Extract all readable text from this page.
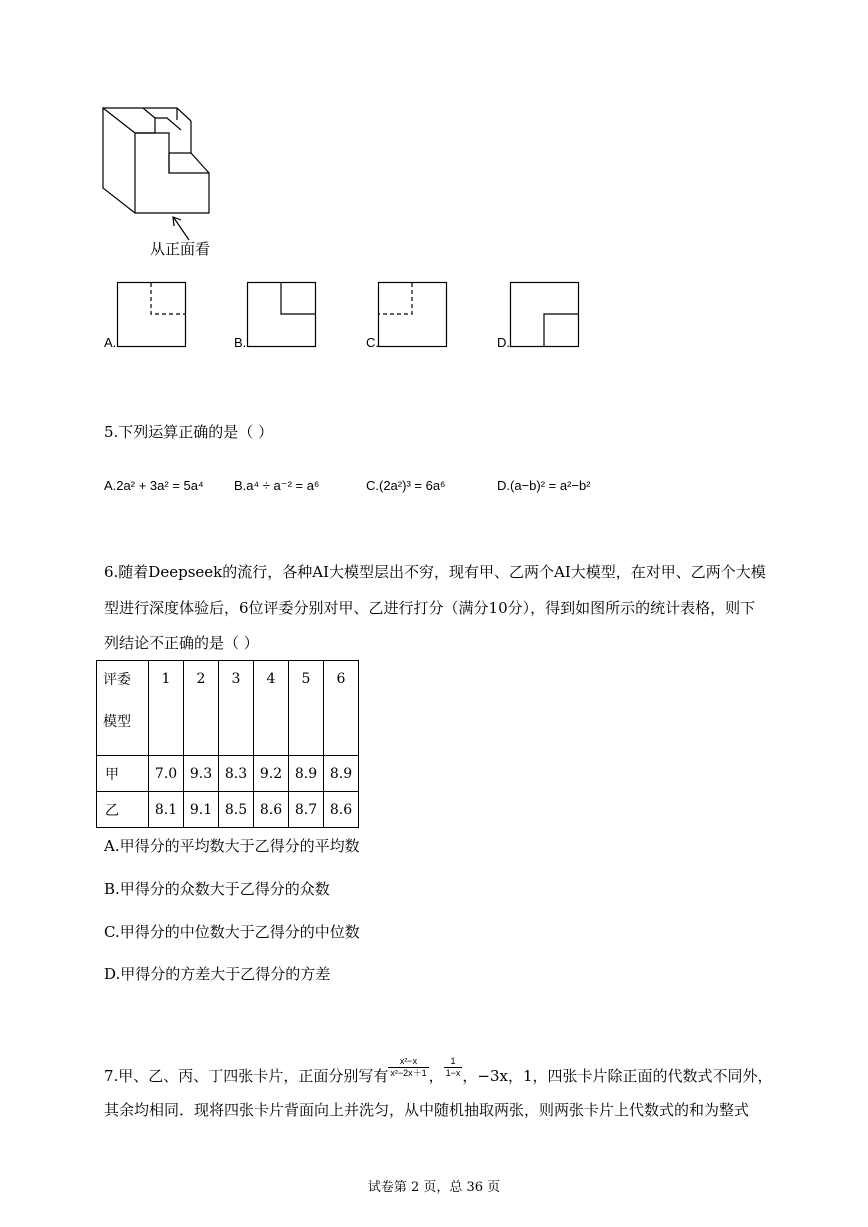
从正面看
A.	B.	C.	D.
5.下列运算正确的是（ ）
A.2a² + 3a² = 5a⁴ B.a⁴ ÷ a⁻² = a⁶	C.(2a²)³ = 6a⁶	D.(a−b)² = a²−b²
6.随着Deepseek的流行，各种AI大模型层出不穷，现有甲、乙两个AI大模型，在对甲、乙两个大模
型进行深度体验后，6位评委分别对甲、乙进行打分（满分10分），得到如图所示的统计表格，则下
列结论不正确的是（ ）
评委
模型	1	2	3	4	5	6
甲	7.0	9.3	8.3	9.2	8.9	8.9
乙	8.1	9.1	8.5	8.6	8.7	8.6
A.甲得分的平均数大于乙得分的平均数
B.甲得分的众数大于乙得分的众数
C.甲得分的中位数大于乙得分的中位数
D.甲得分的方差大于乙得分的方差
7.甲、乙、丙、丁四张卡片，正面分别写有 $\frac{\text{x²−x}}{\text{x²−2x＋1}}$ ， $\frac{1}{1-x}$ ，−3x，1，四张卡片除正面的代数式不同外，
其余均相同．现将四张卡片背面向上并洗匀，从中随机抽取两张，则两张卡片上代数式的和为整式
试卷第 2 页，总 36 页
